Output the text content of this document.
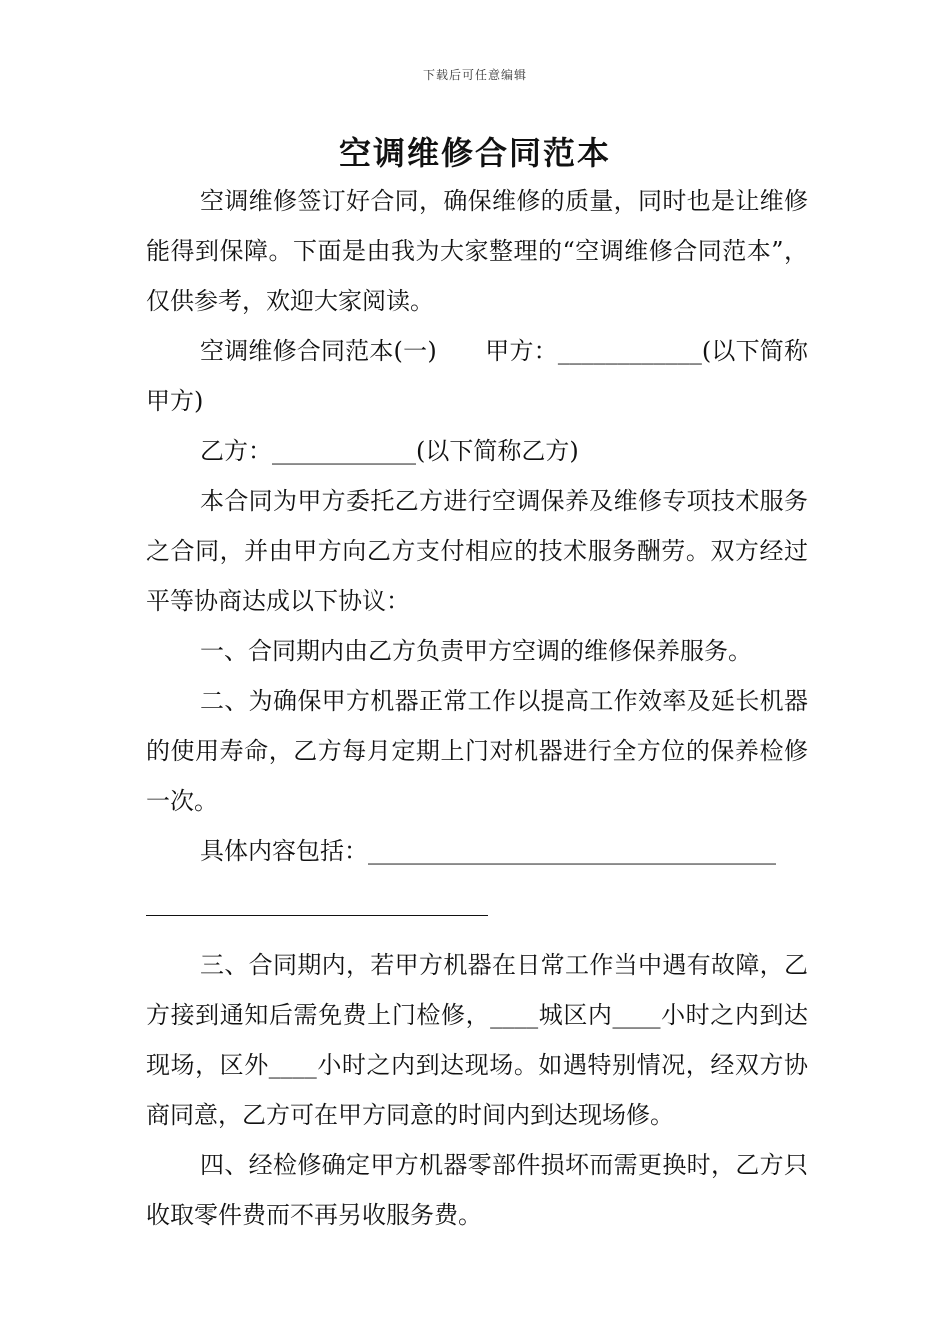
下载后可任意编辑
空调维修合同范本

空调维修签订好合同，确保维修的质量，同时也是让维修能得到保障。下面是由我为大家整理的“空调维修合同范本”，仅供参考，欢迎大家阅读。

空调维修合同范本(一)　　甲方：____________(以下简称甲方)

乙方：____________(以下简称乙方)

本合同为甲方委托乙方进行空调保养及维修专项技术服务之合同，并由甲方向乙方支付相应的技术服务酬劳。双方经过平等协商达成以下协议：

一、合同期内由乙方负责甲方空调的维修保养服务。

二、为确保甲方机器正常工作以提高工作效率及延长机器的使用寿命，乙方每月定期上门对机器进行全方位的保养检修一次。

具体内容包括：__________________________________

三、合同期内，若甲方机器在日常工作当中遇有故障，乙方接到通知后需免费上门检修，____城区内____小时之内到达现场，区外____小时之内到达现场。如遇特别情况，经双方协商同意，乙方可在甲方同意的时间内到达现场修。

四、经检修确定甲方机器零部件损坏而需更换时，乙方只收取零件费而不再另收服务费。
